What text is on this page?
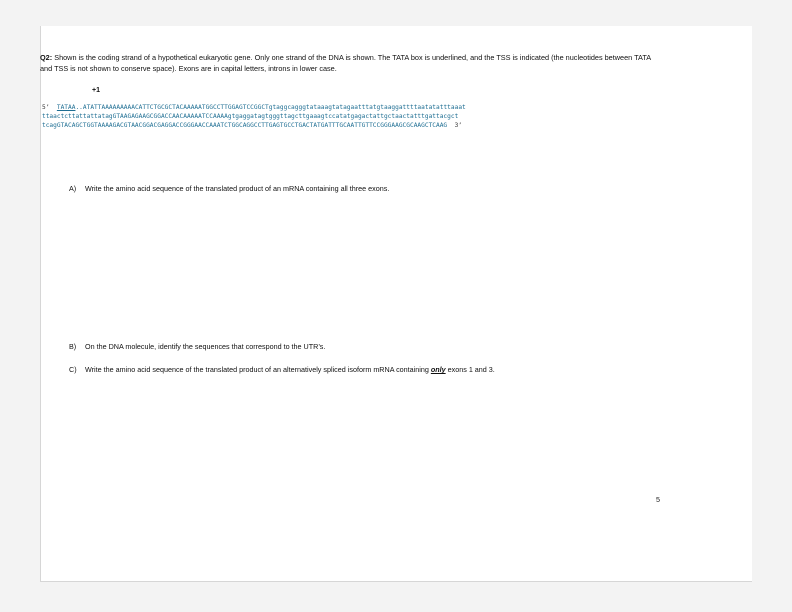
Q2: Shown is the coding strand of a hypothetical eukaryotic gene. Only one strand of the DNA is shown. The TATA box is underlined, and the TSS is indicated (the nucleotides between TATA and TSS is not shown to conserve space). Exons are in capital letters, introns in lower case.
+1
5’ TATAA..ATATTAAAAAAAAACATTCTGCGCTACAAAAATGGCCTTGGAGTCCGGCTgtaggcagggtataaagtatagaatttatgtaaggattttaatatatttaaat
ttaactcttattattatagGTAAGAGAAGCGGACCAACAAAAATCCAAAAgtgaggatagtgggttagcttgaaagtccatatgagactattgctaactatttgattacgct
tcagGTACAGCTGGTAAAAGACGTAACGGACGAGGACCGGGAACCAAATCTGGCAGGCCTTGAGTGCCTGACTATGATTTGCAATTGTTCCGGGAAGCGCAAGCTCAAG 3’
A) Write the amino acid sequence of the translated product of an mRNA containing all three exons.
B) On the DNA molecule, identify the sequences that correspond to the UTR’s.
C) Write the amino acid sequence of the translated product of an alternatively spliced isoform mRNA containing only exons 1 and 3.
5
